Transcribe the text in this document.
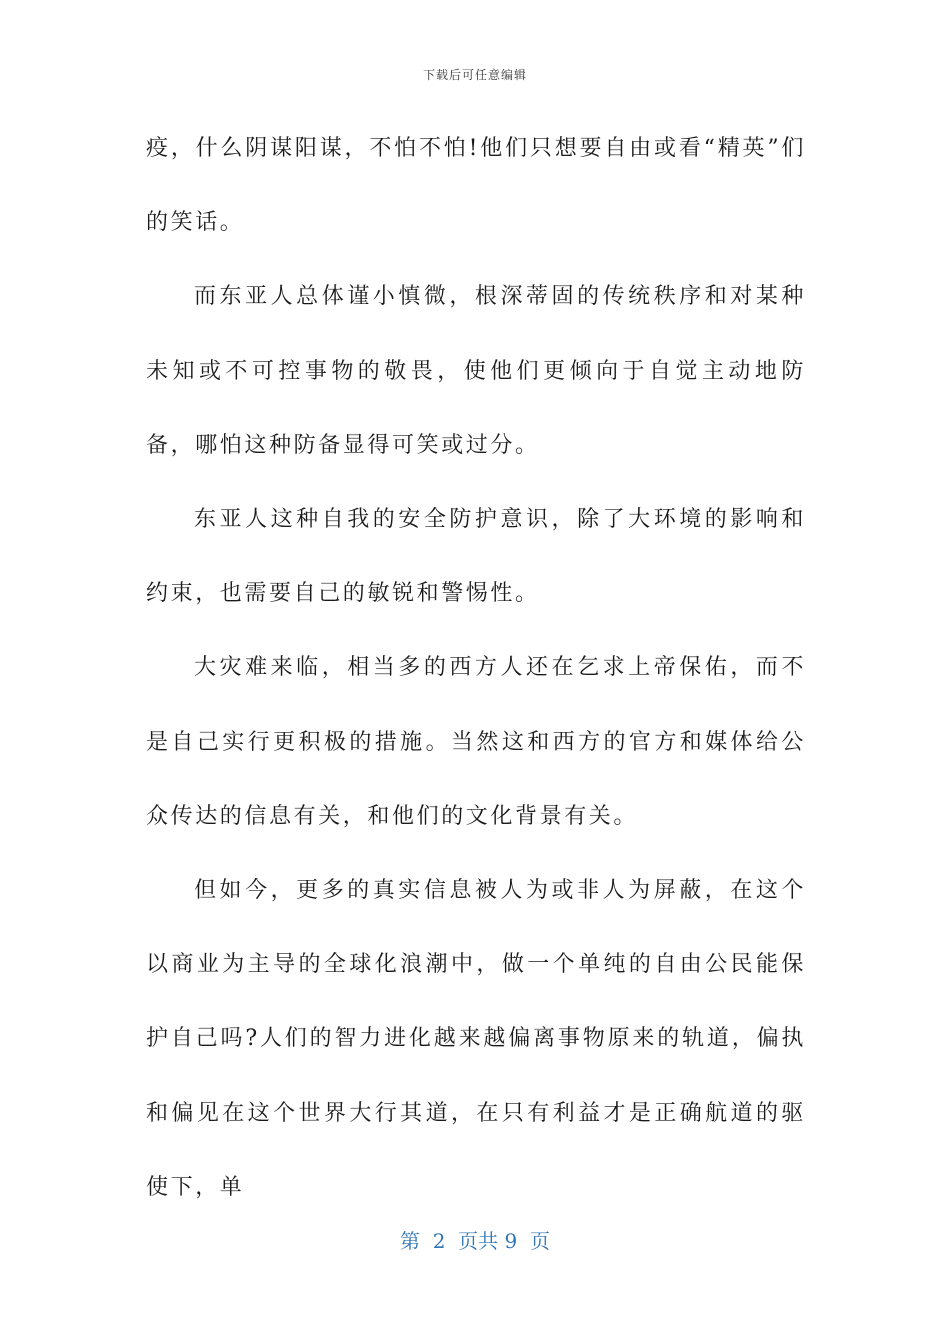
下载后可任意编辑

疫，什么阴谋阳谋，不怕不怕!他们只想要自由或看“精英”们的笑话。

而东亚人总体谨小慎微，根深蒂固的传统秩序和对某种未知或不可控事物的敬畏，使他们更倾向于自觉主动地防备，哪怕这种防备显得可笑或过分。

东亚人这种自我的安全防护意识，除了大环境的影响和约束，也需要自己的敏锐和警惕性。

大灾难来临，相当多的西方人还在乞求上帝保佑，而不是自己实行更积极的措施。当然这和西方的官方和媒体给公众传达的信息有关，和他们的文化背景有关。

但如今，更多的真实信息被人为或非人为屏蔽，在这个以商业为主导的全球化浪潮中，做一个单纯的自由公民能保护自己吗?人们的智力进化越来越偏离事物原来的轨道，偏执和偏见在这个世界大行其道，在只有利益才是正确航道的驱使下，单

第  2  页共 9  页
